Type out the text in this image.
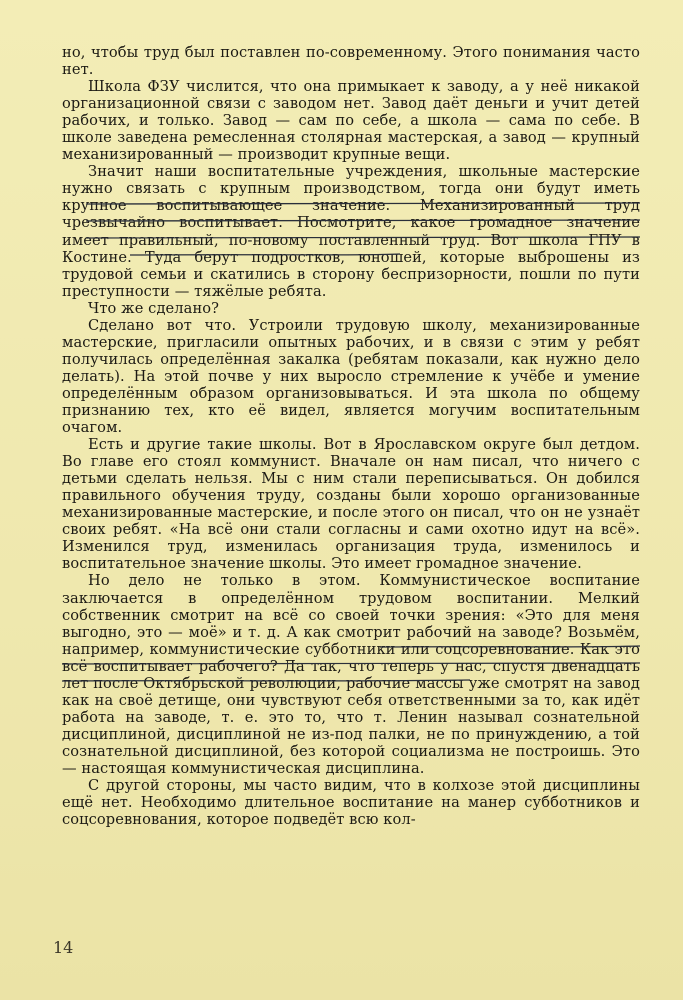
но, чтобы труд был поставлен по-современному. Этого понимания часто нет.

Школа ФЗУ числится, что она примыкает к заводу, а у неё никакой организационной связи с заводом нет. Завод даёт деньги и учит детей рабочих, и только. Завод — сам по себе, а школа — сама по себе. В школе заведена ремесленная столярная мастерская, а завод — крупный механизированный — производит крупные вещи.

Значит наши воспитательные учреждения, школьные мастерские нужно связать с крупным производством, тогда они будут иметь крупное воспитывающее значение. Механизированный труд чрезвычайно воспитывает. Посмотрите, какое громадное значение имеет правильный, по-новому поставленный труд. Вот школа ГПУ в Костине. Туда берут подростков, юношей, которые выброшены из трудовой семьи и скатились в сторону беспризорности, пошли по пути преступности — тяжёлые ребята.

Что же сделано?

Сделано вот что. Устроили трудовую школу, механизированные мастерские, пригласили опытных рабочих, и в связи с этим у ребят получилась определённая закалка (ребятам показали, как нужно дело делать). На этой почве у них выросло стремление к учёбе и умение определённым образом организовываться. И эта школа по общему признанию тех, кто её видел, является могучим воспитательным очагом.

Есть и другие такие школы. Вот в Ярославском округе был детдом. Во главе его стоял коммунист. Вначале он нам писал, что ничего с детьми сделать нельзя. Мы с ним стали переписываться. Он добился правильного обучения труду, созданы были хорошо организованные механизированные мастерские, и после этого он писал, что он не узнаёт своих ребят. «На всё они стали согласны и сами охотно идут на всё». Изменился труд, изменилась организация труда, изменилось и воспитательное значение школы. Это имеет громадное значение.

Но дело не только в этом. Коммунистическое воспитание заключается в определённом трудовом воспитании. Мелкий собственник смотрит на всё со своей точки зрения: «Это для меня выгодно, это — моё» и т. д. А как смотрит рабочий на заводе? Возьмём, например, коммунистические субботники или соцсоревнование. Как это всё воспитывает рабочего? Да так, что теперь у нас, спустя двенадцать лет после Октябрьской революции, рабочие массы уже смотрят на завод как на своё детище, они чувствуют себя ответственными за то, как идёт работа на заводе, т. е. это то, что т. Ленин называл сознательной дисциплиной, дисциплиной не из-под палки, не по принуждению, а той сознательной дисциплиной, без которой социализма не построишь. Это — настоящая коммунистическая дисциплина.

С другой стороны, мы часто видим, что в колхозе этой дисциплины ещё нет. Необходимо длительное воспитание на манер субботников и соцсоревнования, которое подведёт всю кол-

14
